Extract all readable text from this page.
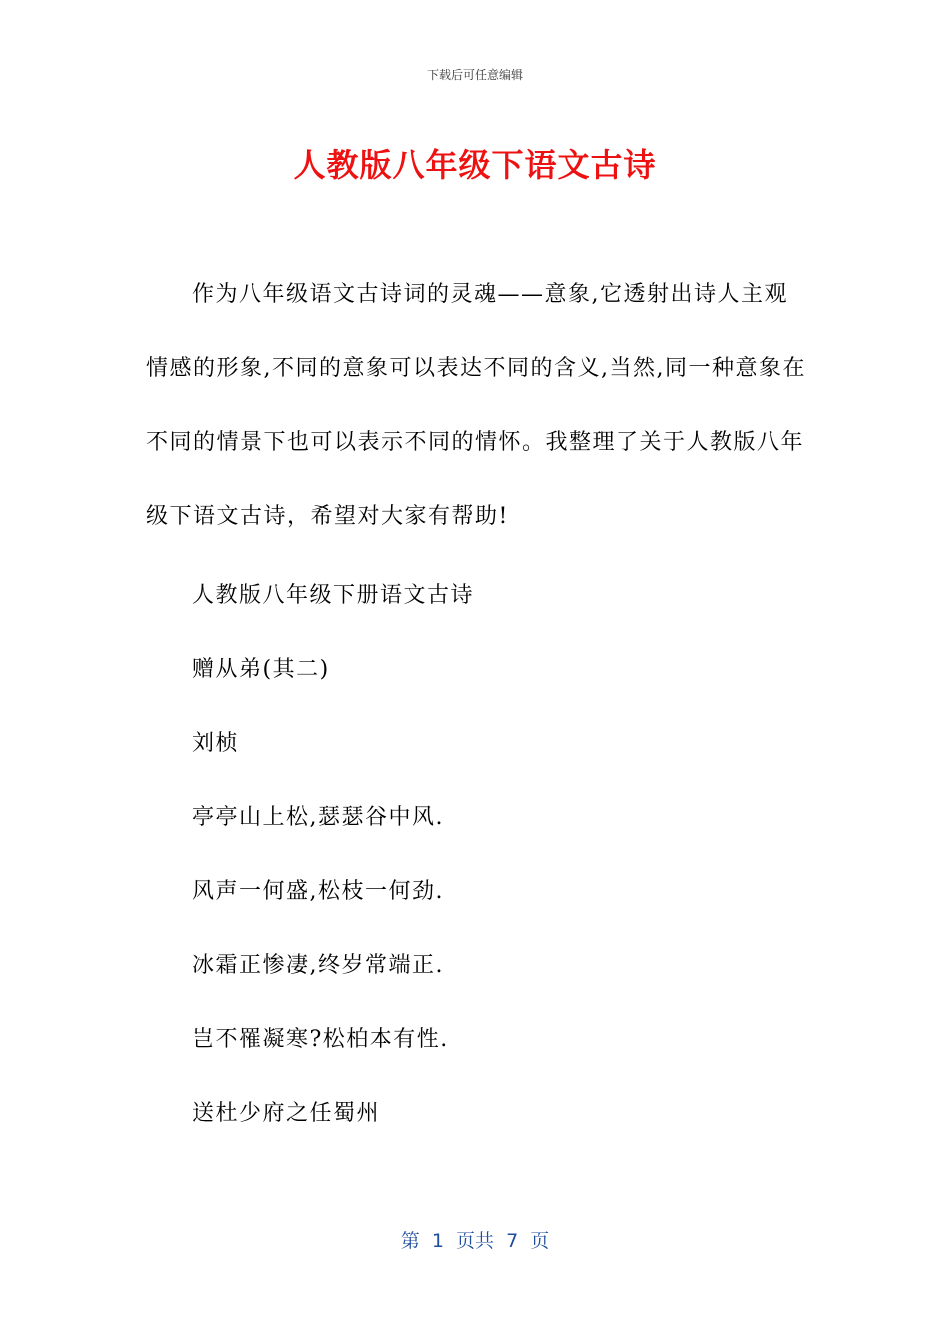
下载后可任意编辑
人教版八年级下语文古诗

作为八年级语文古诗词的灵魂——意象,它透射出诗人主观情感的形象,不同的意象可以表达不同的含义,当然,同一种意象在不同的情景下也可以表示不同的情怀。我整理了关于人教版八年级下语文古诗，希望对大家有帮助!

人教版八年级下册语文古诗
赠从弟(其二)
刘桢
亭亭山上松,瑟瑟谷中风.
风声一何盛,松枝一何劲.
冰霜正惨凄,终岁常端正.
岂不罹凝寒?松柏本有性.
送杜少府之任蜀州
第  1  页共  7  页
